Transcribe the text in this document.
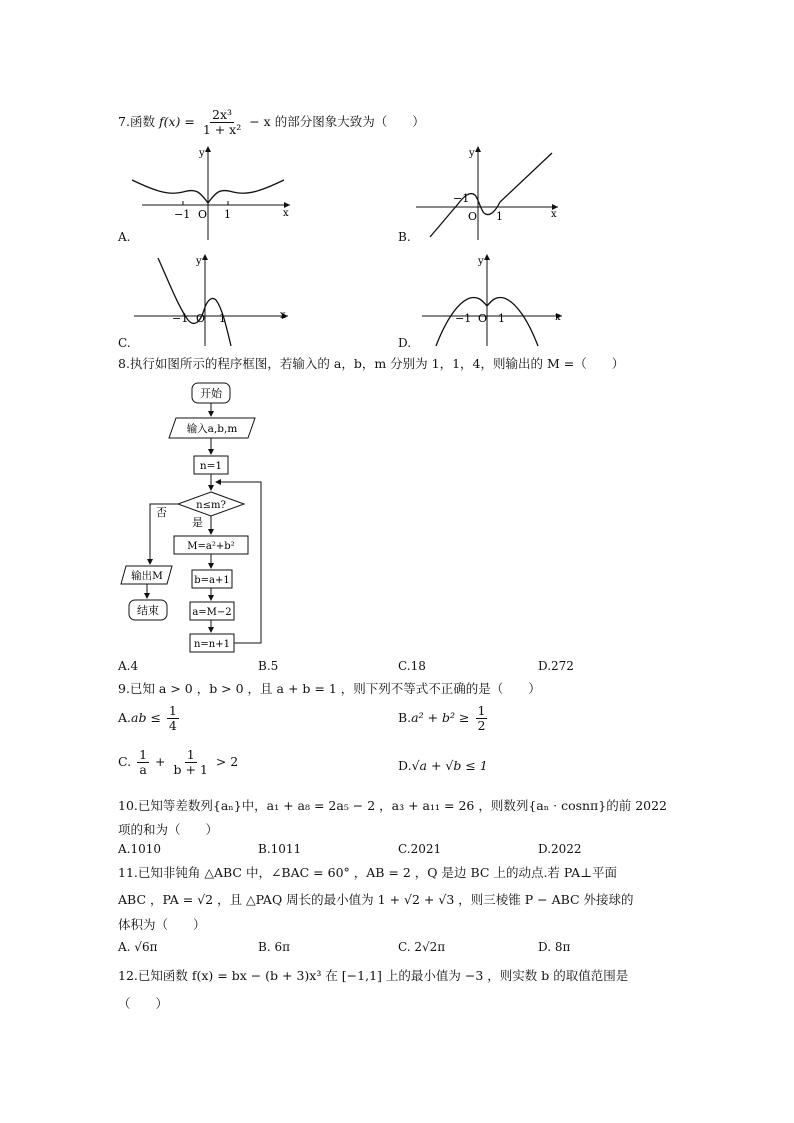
7.函数 $f(x) = \frac{\text{2x³}}{\text{1 + x²}} - x$ 的部分图象大致为（　　）
y
x
O
−1	1
A.
y
x
−1
O 1
B.
y
x
−1 O 1
C.
y
x
−1 O 1
D.
8.执行如图所示的程序框图，若输入的 a，b，m 分别为 1，1，4，则输出的 M =（　　）
开始
输入a,b,m
n=1
n≤m?
否
是
M=a²+b²
b=a+1
a=M−2
n=n+1
输出M
结束
A.4	B.5	C.18	D.272
9.已知 a > 0 ，b > 0 ，且 a + b = 1 ，则下列不等式不正确的是（　　）
$A.ab \le \frac{1}{4}$	$B.a^2 + b^2 \ge \frac{1}{2}$
C. $\frac{1}{a} + \frac{1}{b + 1} > 2$	D.√a + √b ≤ 1
10.已知等差数列{aₙ}中，a₁ + a₈ = 2a₅ − 2 ，a₃ + a₁₁ = 26 ，则数列{aₙ · cosnπ}的前 2022
项的和为（　　）
A.1010	B.1011	C.2021	D.2022
11.已知非钝角 △ABC 中，∠BAC = 60° ，AB = 2 ，Q 是边 BC 上的动点.若 PA⊥平面
ABC ，PA = √2 ，且 △PAQ 周长的最小值为 1 + √2 + √3 ，则三棱锥 P − ABC 外接球的
体积为（　　）
A. √6π	B. 6π	C. 2√2π	D. 8π
12.已知函数 f(x) = bx − (b + 3)x³ 在 [−1,1] 上的最小值为 −3 ，则实数 b 的取值范围是
（　　）
